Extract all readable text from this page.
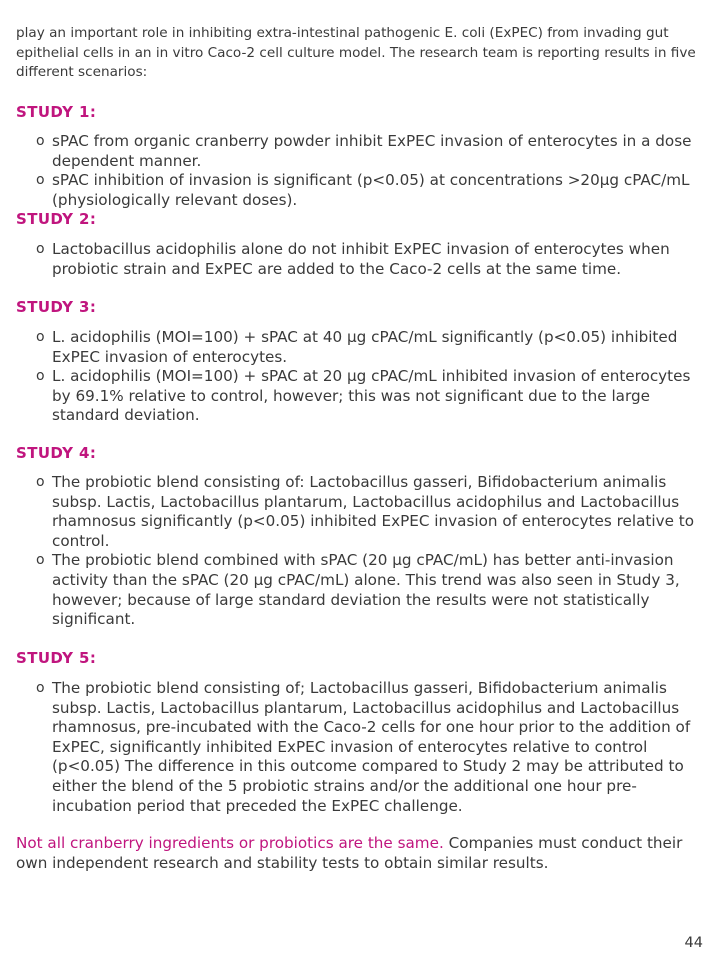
play an important role in inhibiting extra-intestinal pathogenic E. coli (ExPEC) from invading gut epithelial cells in an in vitro Caco-2 cell culture model. The research team is reporting results in five different scenarios:

STUDY 1:
o sPAC from organic cranberry powder inhibit ExPEC invasion of enterocytes in a dose dependent manner.
o sPAC inhibition of invasion is significant (p<0.05) at concentrations >20μg cPAC/mL (physiologically relevant doses).
STUDY 2:
o Lactobacillus acidophilis alone do not inhibit ExPEC invasion of enterocytes when probiotic strain and ExPEC are added to the Caco-2 cells at the same time.
STUDY 3:
o L. acidophilis (MOI=100) + sPAC at 40 μg cPAC/mL significantly (p<0.05) inhibited ExPEC invasion of enterocytes.
o L. acidophilis (MOI=100) + sPAC at 20 μg cPAC/mL inhibited invasion of enterocytes by 69.1% relative to control, however; this was not significant due to the large standard deviation.
STUDY 4:
o The probiotic blend consisting of: Lactobacillus gasseri, Bifidobacterium animalis subsp. Lactis, Lactobacillus plantarum, Lactobacillus acidophilus and Lactobacillus rhamnosus significantly (p<0.05) inhibited ExPEC invasion of enterocytes relative to control.
o The probiotic blend combined with sPAC (20 μg cPAC/mL) has better anti-invasion activity than the sPAC (20 μg cPAC/mL) alone. This trend was also seen in Study 3, however; because of large standard deviation the results were not statistically significant.
STUDY 5:
o The probiotic blend consisting of; Lactobacillus gasseri, Bifidobacterium animalis subsp. Lactis, Lactobacillus plantarum, Lactobacillus acidophilus and Lactobacillus rhamnosus, pre-incubated with the Caco-2 cells for one hour prior to the addition of ExPEC, significantly inhibited ExPEC invasion of enterocytes relative to control (p<0.05) The difference in this outcome compared to Study 2 may be attributed to either the blend of the 5 probiotic strains and/or the additional one hour pre-incubation period that preceded the ExPEC challenge.

Not all cranberry ingredients or probiotics are the same. Companies must conduct their own independent research and stability tests to obtain similar results.

44
